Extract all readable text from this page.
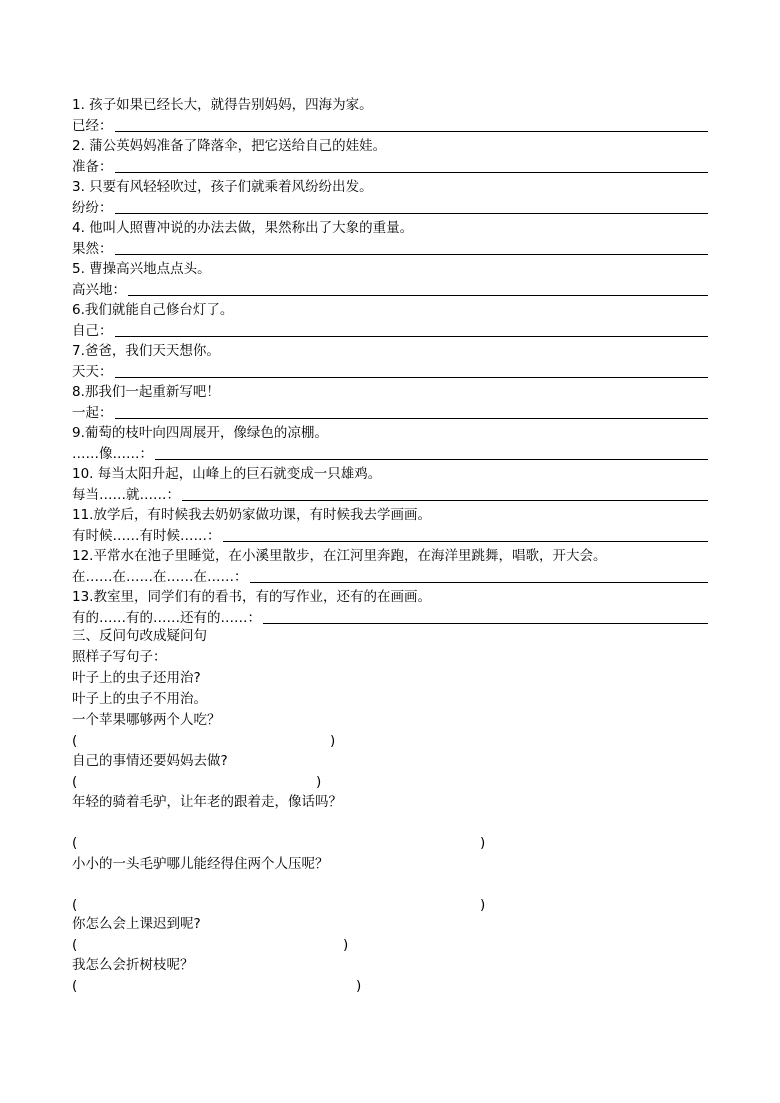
1. 孩子如果已经长大，就得告别妈妈，四海为家。
已经：
2. 蒲公英妈妈准备了降落伞，把它送给自己的娃娃。
准备：
3. 只要有风轻轻吹过，孩子们就乘着风纷纷出发。
纷纷：
4. 他叫人照曹冲说的办法去做，果然称出了大象的重量。
果然：
5. 曹操高兴地点点头。
高兴地：
6.我们就能自己修台灯了。
自己：
7.爸爸，我们天天想你。
天天：
8.那我们一起重新写吧！
一起：
9.葡萄的枝叶向四周展开，像绿色的凉棚。
……像……：
10. 每当太阳升起，山峰上的巨石就变成一只雄鸡。
每当……就……：
11.放学后，有时候我去奶奶家做功课，有时候我去学画画。
有时候……有时候……：
12.平常水在池子里睡觉，在小溪里散步，在江河里奔跑，在海洋里跳舞，唱歌，开大会。
在……在……在……在……：
13.教室里，同学们有的看书，有的写作业，还有的在画画。
有的……有的……还有的……：
三、反问句改成疑问句
照样子写句子：
叶子上的虫子还用治?
叶子上的虫子不用治。
一个苹果哪够两个人吃？
(	)
自己的事情还要妈妈去做?
(	)
年轻的骑着毛驴，让年老的跟着走，像话吗？
(	)
小小的一头毛驴哪儿能经得住两个人压呢？
(	)
你怎么会上课迟到呢?
(	)
我怎么会折树枝呢？
(	)
